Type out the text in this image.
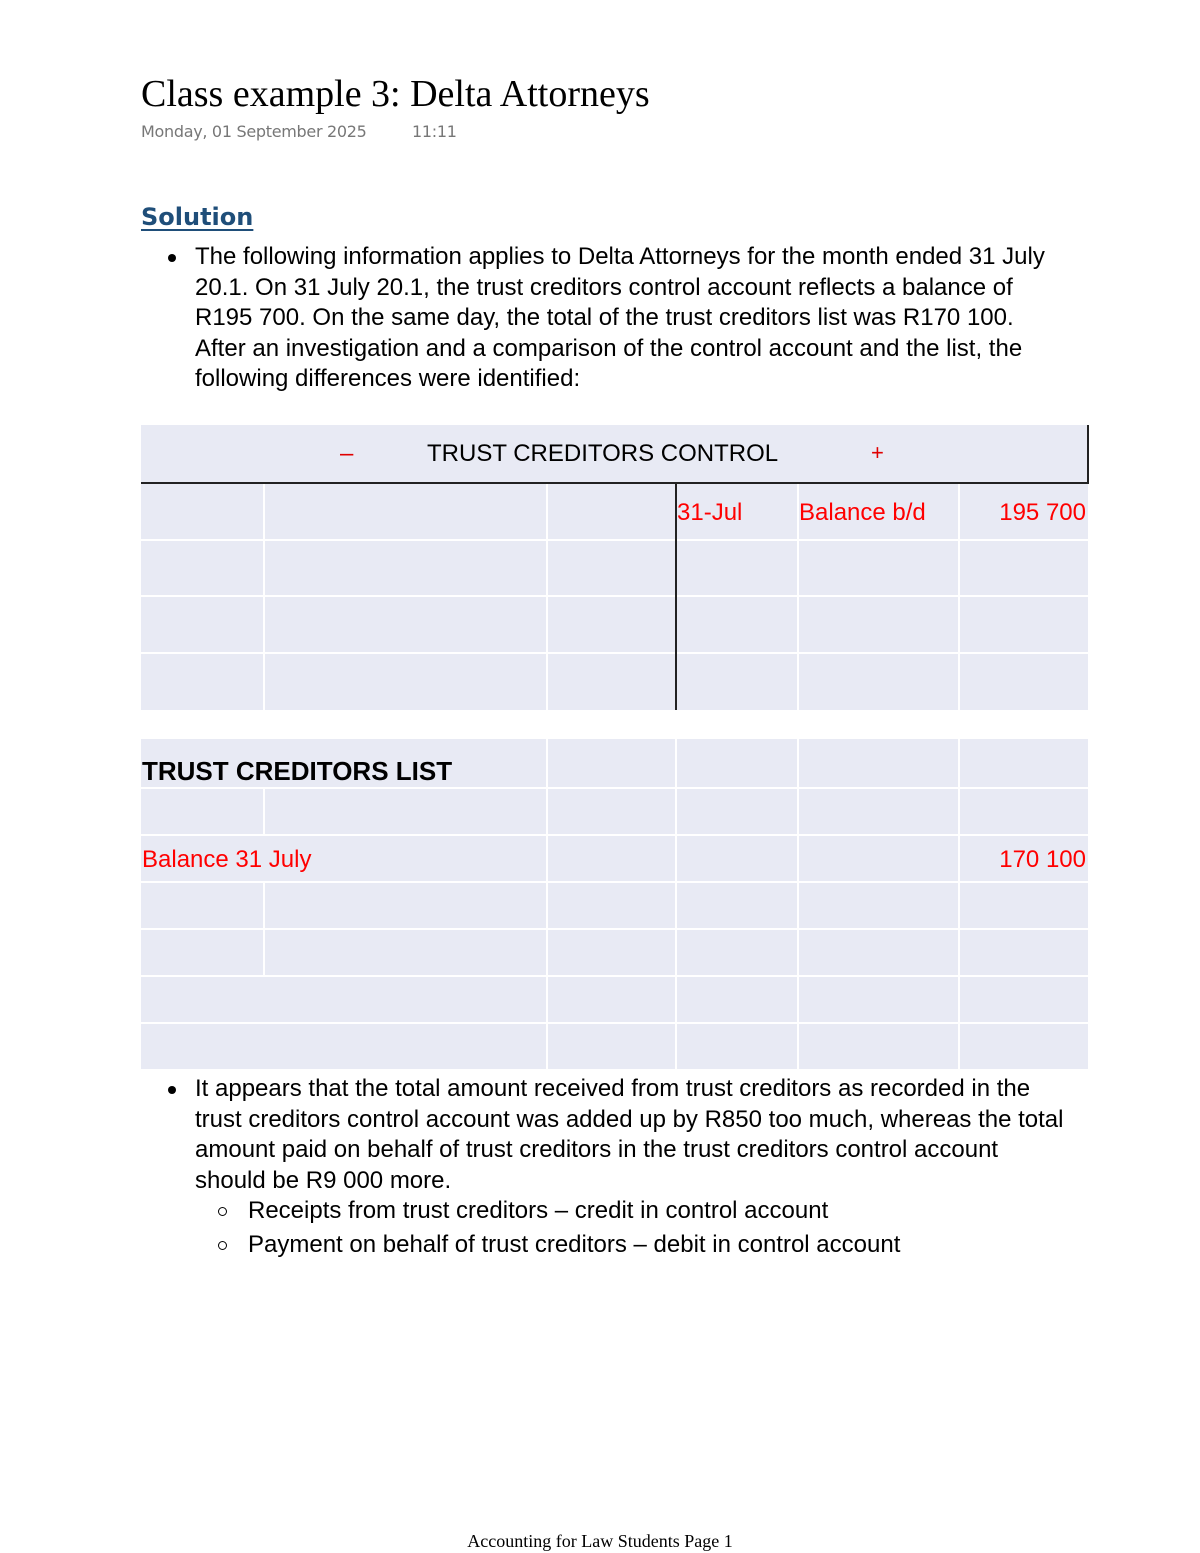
Class example 3: Delta Attorneys
Monday, 01 September 2025	11:11
Solution
The following information applies to Delta Attorneys for the month ended 31 July 20.1. On 31 July 20.1, the trust creditors control account reflects a balance of R195 700. On the same day, the total of the trust creditors list was R170 100. After an investigation and a comparison of the control account and the list, the following differences were identified:
–	TRUST CREDITORS CONTROL	+
31-Jul Balance b/d	195 700
TRUST CREDITORS LIST
Balance 31 July	170 100
It appears that the total amount received from trust creditors as recorded in the trust creditors control account was added up by R850 too much, whereas the total amount paid on behalf of trust creditors in the trust creditors control account should be R9 000 more.
Receipts from trust creditors – credit in control account
Payment on behalf of trust creditors – debit in control account
Accounting for Law Students Page 1
